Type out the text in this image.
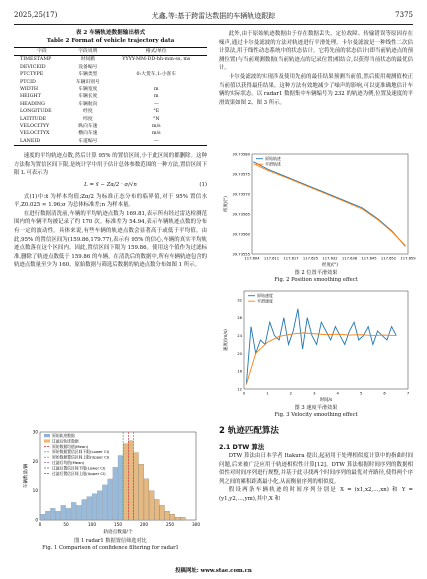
2025,25(17)	尤鑫,等:基于跨雷达数据的车辆轨迹跟踪	7375
表 2 车辆轨迹数据输出格式
Table 2 Format of vehicle trajectory data
字段	字段说明	格式/单位
TIMESTAMP	时间戳	YYYY-MM-DD-hh-mm-ss, ms
DEVICEID	设备编号	
PTCTYPE	车辆类型	0:大货车,1:小客车
PTCID	车辆识别号	
WIDTH	车辆宽度	m
HEIGHT	车辆长度	m
HEADING	车辆航向	—
LONGITUDE	经度	°E
LATITUDE	纬度	°N
VELOCITYY	纵向车速	m/s
VELOCITYX	横向车速	m/s
LANEID	车道编号	—

速度的平均轨迹点数,然后计算 95% 的置信区间,小于此区间的都删除。这种方法称为置信区间下限,是统计学中用于估计总体参数范围的一种方法,置信区间下限 L 可表示为

L = x̄ − Zα/2 · σ/√n	(1)

式(1)中:x̄ 为样本均值;Zα/2 为标准正态分布的临界值,对于 95% 置信水平,Z0.025 ≈ 1.96;σ 为总体标准差;n 为样本量。

在进行数据清洗前,车辆的平均轨迹点数为 169.81,表示所有经过雷达检测范围内的车辆平均被记录了约 170 次。标准差为 54.94,表示车辆轨迹点数的分布有一定的波动性。具体来说,有些车辆的轨迹点数会显著高于或低于平均值。由此,95% 的置信区间为(159.86,179.77),表示有 95% 的信心,车辆的真实平均轨迹点数落在这个区间内。因此,置信区间下限为 159.86。使用这个值作为过滤标准,删除了轨迹点数低于 159.86 的车辆。在清洗后的数据中,所有车辆轨迹包含的轨迹点数量至少为 160。原始数据与筛选后数据的轨迹点数分布如图 1 所示。

0	50	100	150	200	250	300
0
10
20
30
轨迹点数量/个
车辆数量/辆
原始轨迹数据
过滤后轨迹数据
原始数据均值(Mean)
原始数据置信区间下限(Lower CI)
原始数据置信区间上限(Upper CI)
过滤后均值(Mean)
过滤后置信区间下限(Lower CI)
过滤后置信区间上限(Upper CI)
图 1 radar1 数据置信筛选对比
Fig. 1 Comparison of confidence filtering for radar1

此外,由于原始轨迹数据由于存在数据丢失、定位故障、传输错误等原因存在噪声,通过卡尔曼滤波的方法对轨迹进行平滑处理。卡尔曼滤波是一种线性二次估计算法,用于线性动态系统中的状态估计。它将先前的状态估计(即当前轨迹点的预测位置)与当前观测数据(当前轨迹点的记录位置)相结合,以获得当前状态的最优估计。

卡尔曼滤波的实现涉及使用先前的最佳结果预测当前值,然后使用观测值校正当前值以获得最佳结果。这种方法有效地减少了噪声的影响,可以更准确地估计车辆的实际状态。以 radar1 数据集中车辆编号为 232 的轨迹为例,位置及速度的平滑效果如图 2、图 3 所示。

117.604 117.611 117.617 117.625 117.632 117.638 117.645 117.652 117.659
39.73580
39.73575
39.73570
39.73565
39.73560
39.73555
经度/(°)
纬度/(°)
原始轨迹
平滑轨迹
图 2 位置平滑效果
Fig. 2 Position smoothing effect
0	1	2	3	4	5	6	7
12
16
20
24
28
32
时间/s
速度/(m/s)
原始速度
平滑速度
图 3 速度平滑效果
Fig. 3 Velocity smoothing effect
2 轨迹匹配算法
2.1 DTW 算法

DTW 算法由日本学者 Itakura 提出,起初用于处理相似度计算中的指曲时间问题,后来被广泛应用于轨迹相似性计算[12]。DTW 算法根据时间序列的数据相似性对时间序列进行规整,并基于此寻找两个时间序列的最优对齐路径,使得两个序列之间的累积距离最小化,从而衡量序列的相似度。

假设两条车辆轨迹的时间序列分别是 X = (x1,x2,…,xn) 和 Y = (y1,y2,…,ym),其中,X 和

投稿网址: www.stae.com.cn
